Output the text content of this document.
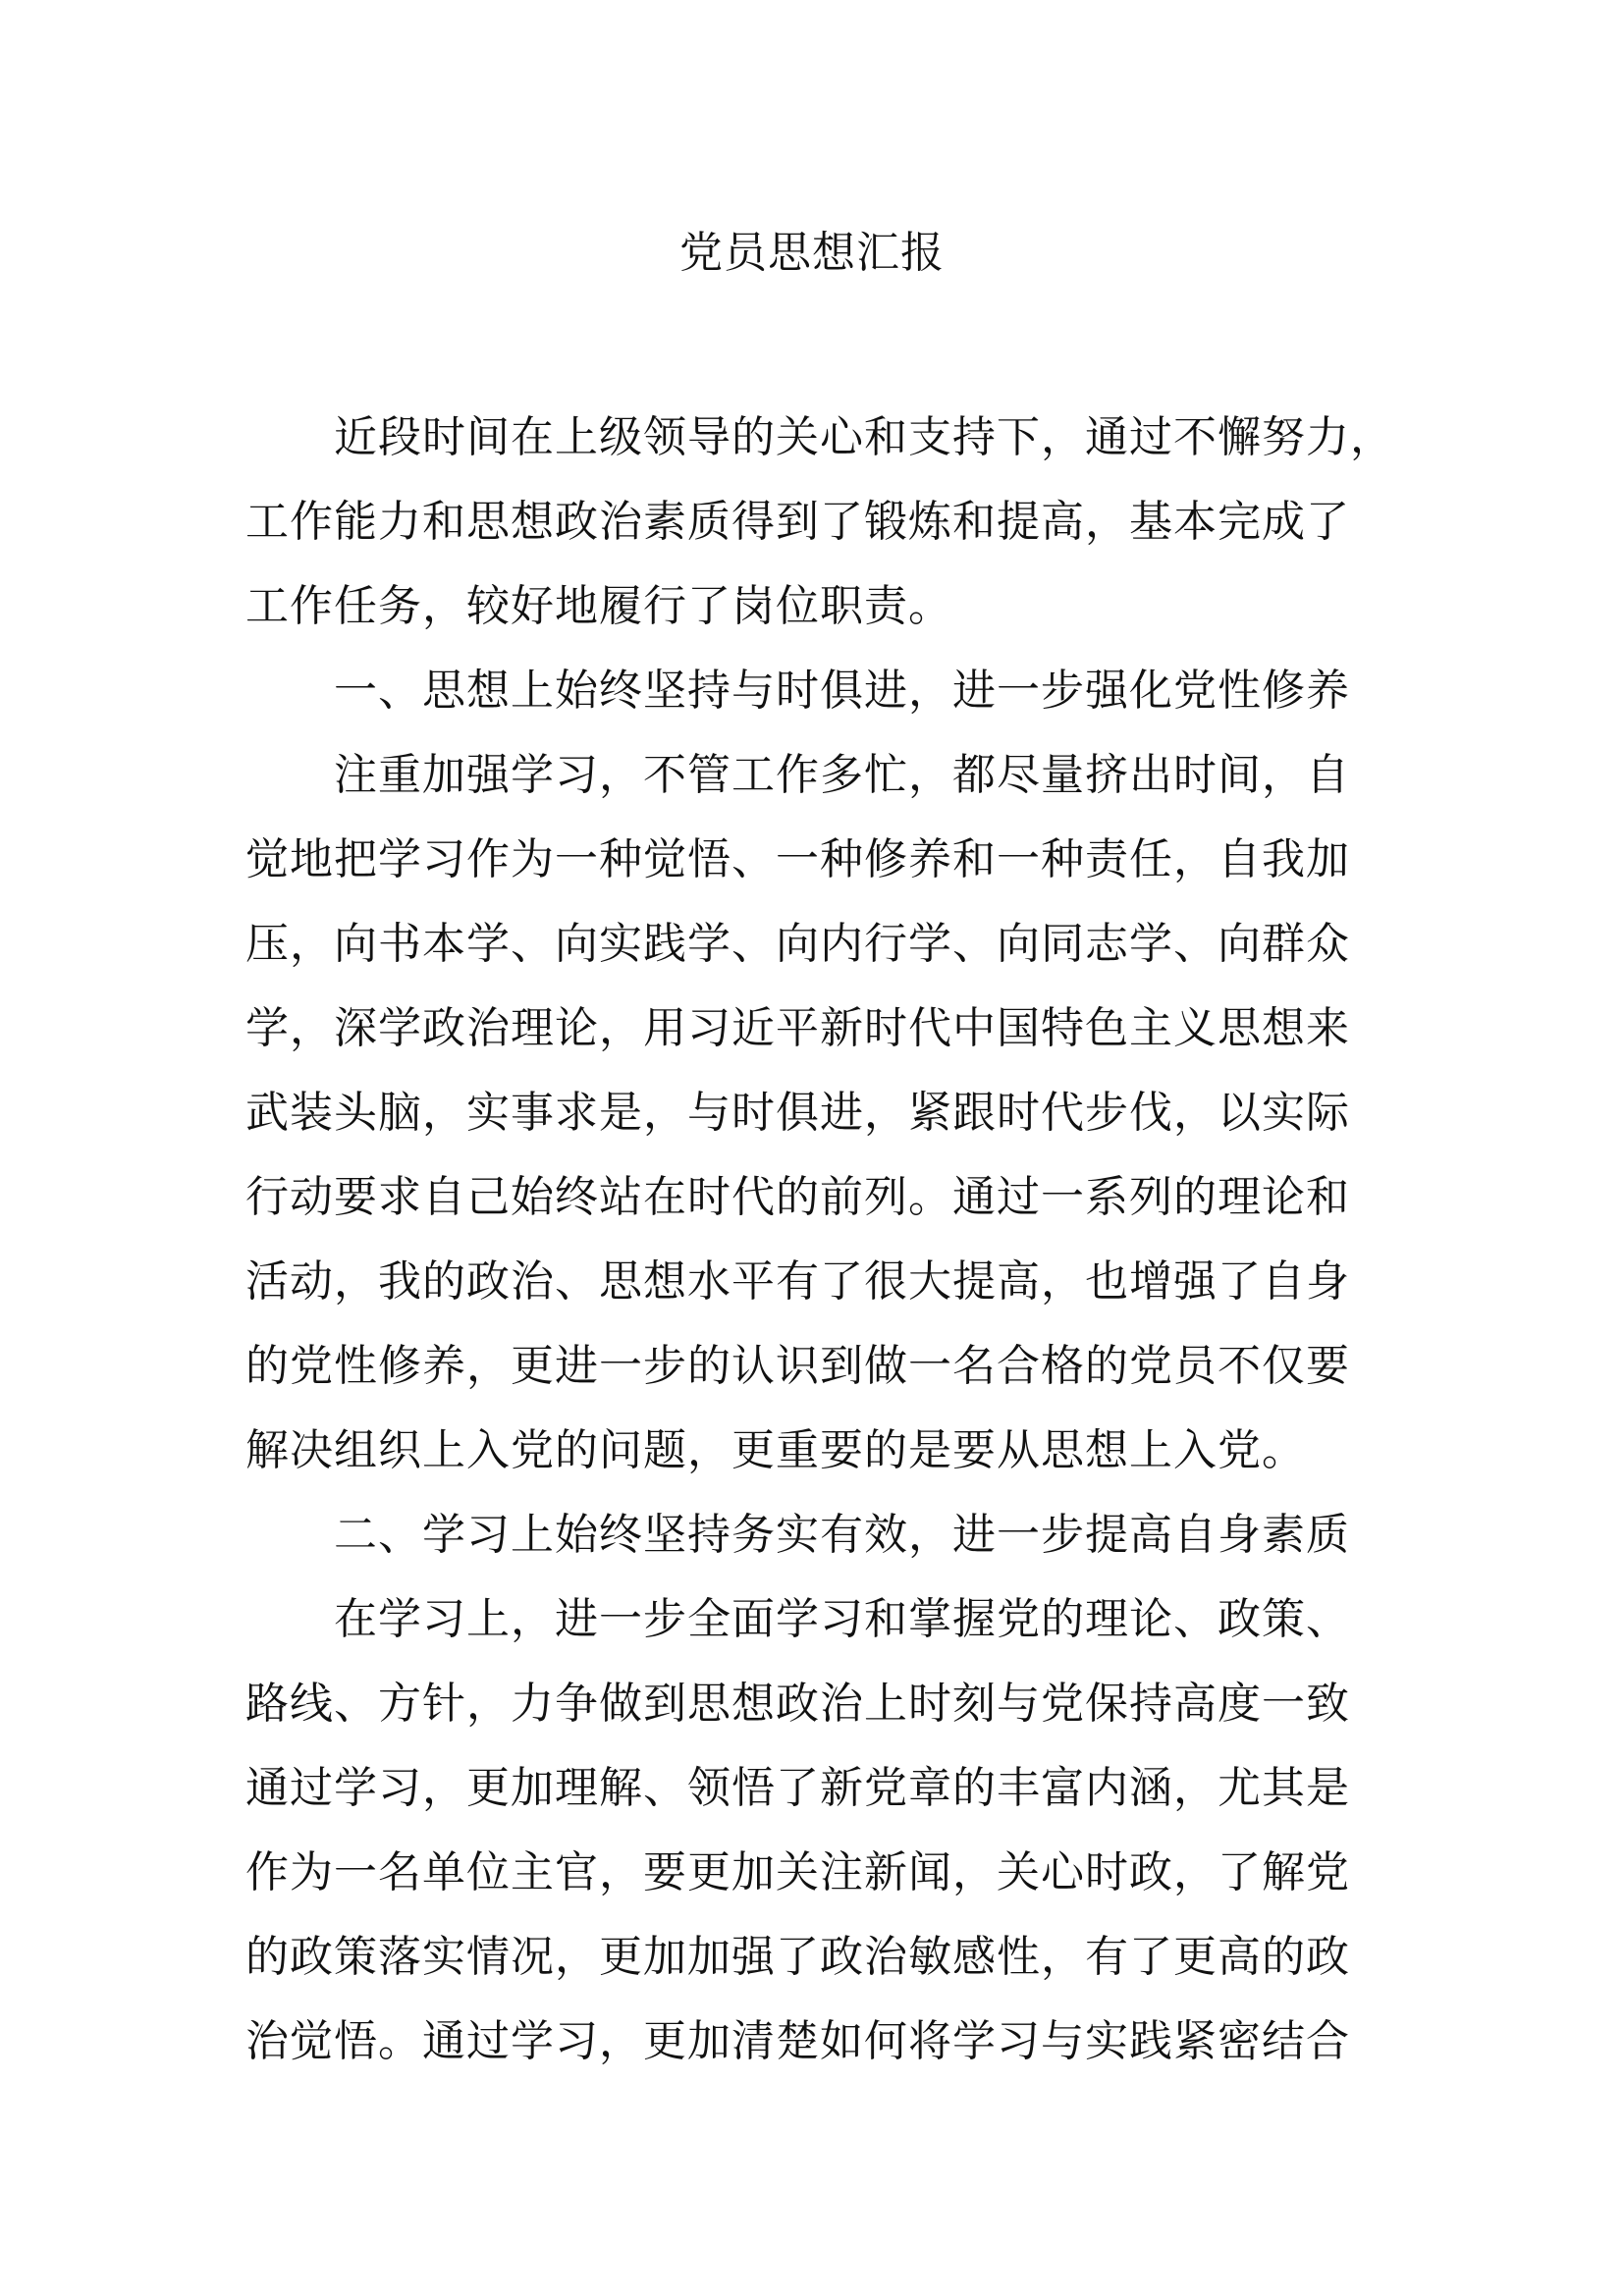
党员思想汇报
近段时间在上级领导的关心和支持下，通过不懈努力，
工作能力和思想政治素质得到了锻炼和提高，基本完成了
工作任务，较好地履行了岗位职责。
一、思想上始终坚持与时俱进，进一步强化党性修养
注重加强学习，不管工作多忙，都尽量挤出时间，自
觉地把学习作为一种觉悟、一种修养和一种责任，自我加
压，向书本学、向实践学、向内行学、向同志学、向群众
学，深学政治理论，用习近平新时代中国特色主义思想来
武装头脑，实事求是，与时俱进，紧跟时代步伐，以实际
行动要求自己始终站在时代的前列。通过一系列的理论和
活动，我的政治、思想水平有了很大提高，也增强了自身
的党性修养，更进一步的认识到做一名合格的党员不仅要
解决组织上入党的问题，更重要的是要从思想上入党。
二、学习上始终坚持务实有效，进一步提高自身素质
在学习上，进一步全面学习和掌握党的理论、政策、
路线、方针，力争做到思想政治上时刻与党保持高度一致
通过学习，更加理解、领悟了新党章的丰富内涵，尤其是
作为一名单位主官，要更加关注新闻，关心时政，了解党
的政策落实情况，更加加强了政治敏感性，有了更高的政
治觉悟。通过学习，更加清楚如何将学习与实践紧密结合
